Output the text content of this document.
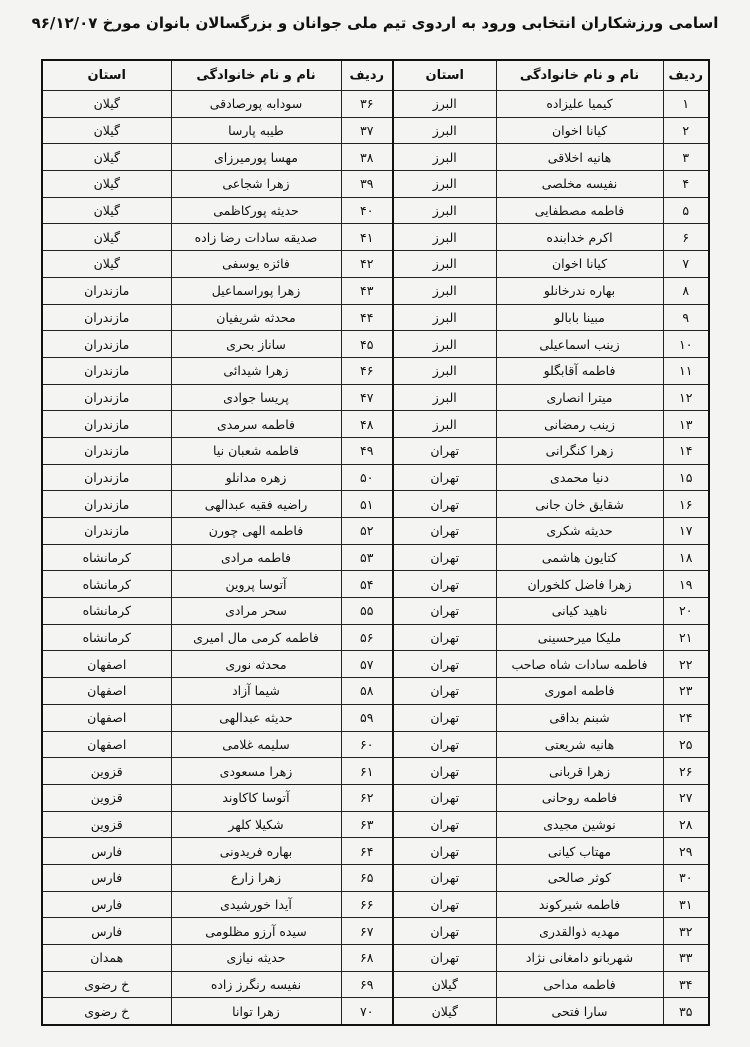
اسامی ورزشکاران انتخابی ورود به اردوی تیم ملی جوانان و بزرگسالان بانوان مورخ ۹۶/۱۲/۰۷
ردیف	نام و نام خانوادگی	استان	ردیف	نام و نام خانوادگی	استان
۱	کیمیا علیزاده	البرز	۳۶	سودابه پورصادقی	گیلان
۲	کیانا اخوان	البرز	۳۷	طیبه پارسا	گیلان
۳	هانیه اخلاقی	البرز	۳۸	مهسا پورمیرزای	گیلان
۴	نفیسه مخلصی	البرز	۳۹	زهرا شجاعی	گیلان
۵	فاطمه مصطفایی	البرز	۴۰	حدیثه پورکاظمی	گیلان
۶	اکرم خدابنده	البرز	۴۱	صدیقه سادات رضا زاده	گیلان
۷	کیانا اخوان	البرز	۴۲	فائزه یوسفی	گیلان
۸	بهاره ندرخانلو	البرز	۴۳	زهرا پوراسماعیل	مازندران
۹	مبینا بابالو	البرز	۴۴	محدثه شریفیان	مازندران
۱۰	زینب اسماعیلی	البرز	۴۵	ساناز بحری	مازندران
۱۱	فاطمه آقابگلو	البرز	۴۶	زهرا شیدائی	مازندران
۱۲	میترا انصاری	البرز	۴۷	پریسا جوادی	مازندران
۱۳	زینب رمضانی	البرز	۴۸	فاطمه سرمدی	مازندران
۱۴	زهرا کنگرانی	تهران	۴۹	فاطمه شعبان نیا	مازندران
۱۵	دنیا محمدی	تهران	۵۰	زهره مدانلو	مازندران
۱۶	شقایق خان جانی	تهران	۵۱	راضیه فقیه عبدالهی	مازندران
۱۷	حدیثه شکری	تهران	۵۲	فاطمه الهی چورن	مازندران
۱۸	کتایون هاشمی	تهران	۵۳	فاطمه مرادی	کرمانشاه
۱۹	زهرا فاضل کلخوران	تهران	۵۴	آتوسا پروین	کرمانشاه
۲۰	ناهید کیانی	تهران	۵۵	سحر مرادی	کرمانشاه
۲۱	ملیکا میرحسینی	تهران	۵۶	فاطمه کرمی مال امیری	کرمانشاه
۲۲	فاطمه سادات شاه صاحب	تهران	۵۷	محدثه نوری	اصفهان
۲۳	فاطمه اموری	تهران	۵۸	شیما آزاد	اصفهان
۲۴	شبنم بداقی	تهران	۵۹	حدیثه عبدالهی	اصفهان
۲۵	هانیه شریعتی	تهران	۶۰	سلیمه غلامی	اصفهان
۲۶	زهرا قربانی	تهران	۶۱	زهرا مسعودی	قزوین
۲۷	فاطمه روحانی	تهران	۶۲	آتوسا کاکاوند	قزوین
۲۸	نوشین مجیدی	تهران	۶۳	شکیلا کلهر	قزوین
۲۹	مهتاب کیانی	تهران	۶۴	بهاره فریدونی	فارس
۳۰	کوثر صالحی	تهران	۶۵	زهرا زارع	فارس
۳۱	فاطمه شیرکوند	تهران	۶۶	آیدا خورشیدی	فارس
۳۲	مهدیه ذوالقدری	تهران	۶۷	سیده آرزو مظلومی	فارس
۳۳	شهربانو دامغانی نژاد	تهران	۶۸	حدیثه نیازی	همدان
۳۴	فاطمه مداحی	گیلان	۶۹	نفیسه رنگرز زاده	خ رضوی
۳۵	سارا فتحی	گیلان	۷۰	زهرا توانا	خ رضوی
